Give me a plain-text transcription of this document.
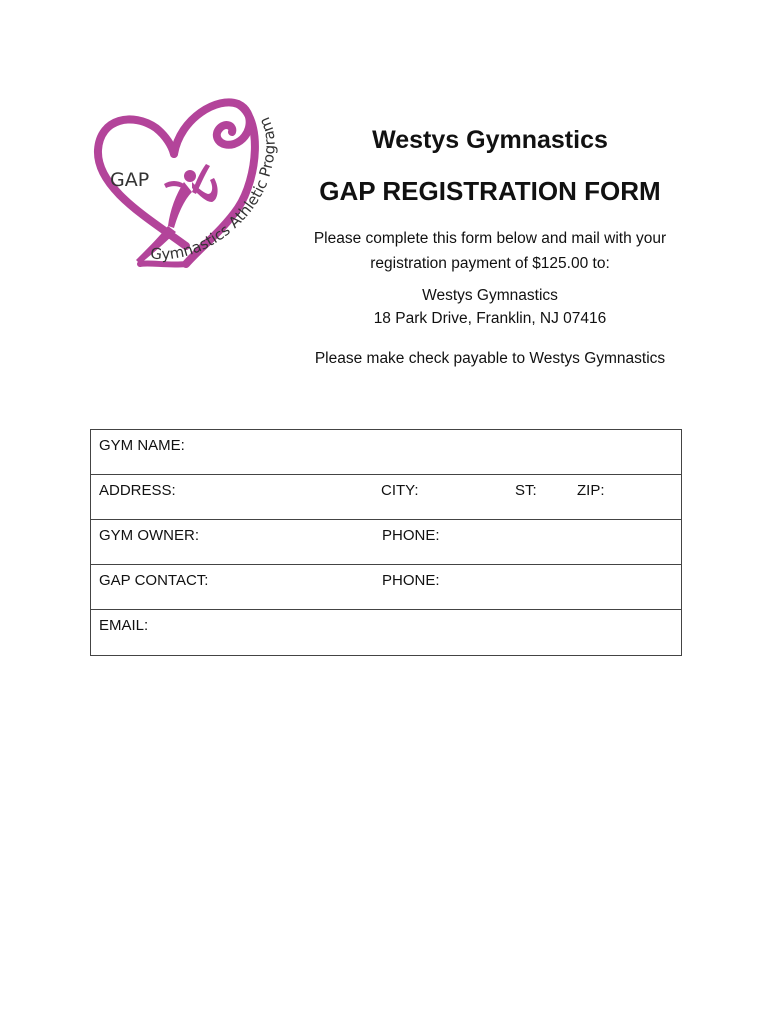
GAP
Gymnastics Athletic Program
Westys Gymnastics
GAP REGISTRATION FORM
Please complete this form below and mail with your
registration payment of $125.00 to:
Westys Gymnastics
18 Park Drive, Franklin, NJ 07416
Please make check payable to Westys Gymnastics
GYM NAME:
ADDRESS:	CITY:	ST:	ZIP:
GYM OWNER:	PHONE:
GAP CONTACT:	PHONE:
EMAIL:
